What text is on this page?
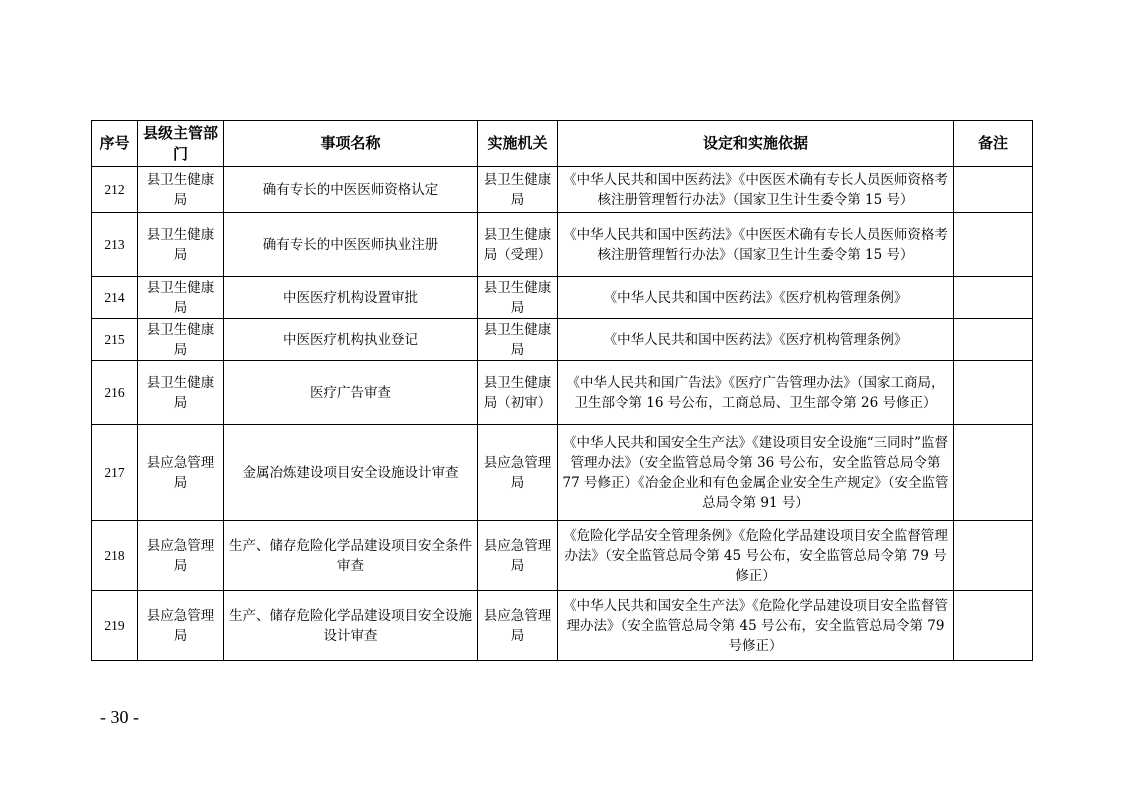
序号	县级主管部门	事项名称	实施机关	设定和实施依据	备注
212	县卫生健康局	确有专长的中医医师资格认定	县卫生健康局	《中华人民共和国中医药法》《中医医术确有专长人员医师资格考核注册管理暂行办法》（国家卫生计生委令第 15 号）	
213	县卫生健康局	确有专长的中医医师执业注册	县卫生健康局（受理）	《中华人民共和国中医药法》《中医医术确有专长人员医师资格考核注册管理暂行办法》（国家卫生计生委令第 15 号）	
214	县卫生健康局	中医医疗机构设置审批	县卫生健康局	《中华人民共和国中医药法》《医疗机构管理条例》	
215	县卫生健康局	中医医疗机构执业登记	县卫生健康局	《中华人民共和国中医药法》《医疗机构管理条例》	
216	县卫生健康局	医疗广告审查	县卫生健康局（初审）	《中华人民共和国广告法》《医疗广告管理办法》（国家工商局，卫生部令第 16 号公布，工商总局、卫生部令第 26 号修正）	
217	县应急管理局	金属冶炼建设项目安全设施设计审查	县应急管理局	《中华人民共和国安全生产法》《建设项目安全设施“三同时”监督管理办法》（安全监管总局令第 36 号公布，安全监管总局令第 77 号修正）《冶金企业和有色金属企业安全生产规定》（安全监管总局令第 91 号）	
218	县应急管理局	生产、储存危险化学品建设项目安全条件审查	县应急管理局	《危险化学品安全管理条例》《危险化学品建设项目安全监督管理办法》（安全监管总局令第 45 号公布，安全监管总局令第 79 号修正）	
219	县应急管理局	生产、储存危险化学品建设项目安全设施设计审查	县应急管理局	《中华人民共和国安全生产法》《危险化学品建设项目安全监督管理办法》（安全监管总局令第 45 号公布，安全监管总局令第 79 号修正）	
- 30 -
